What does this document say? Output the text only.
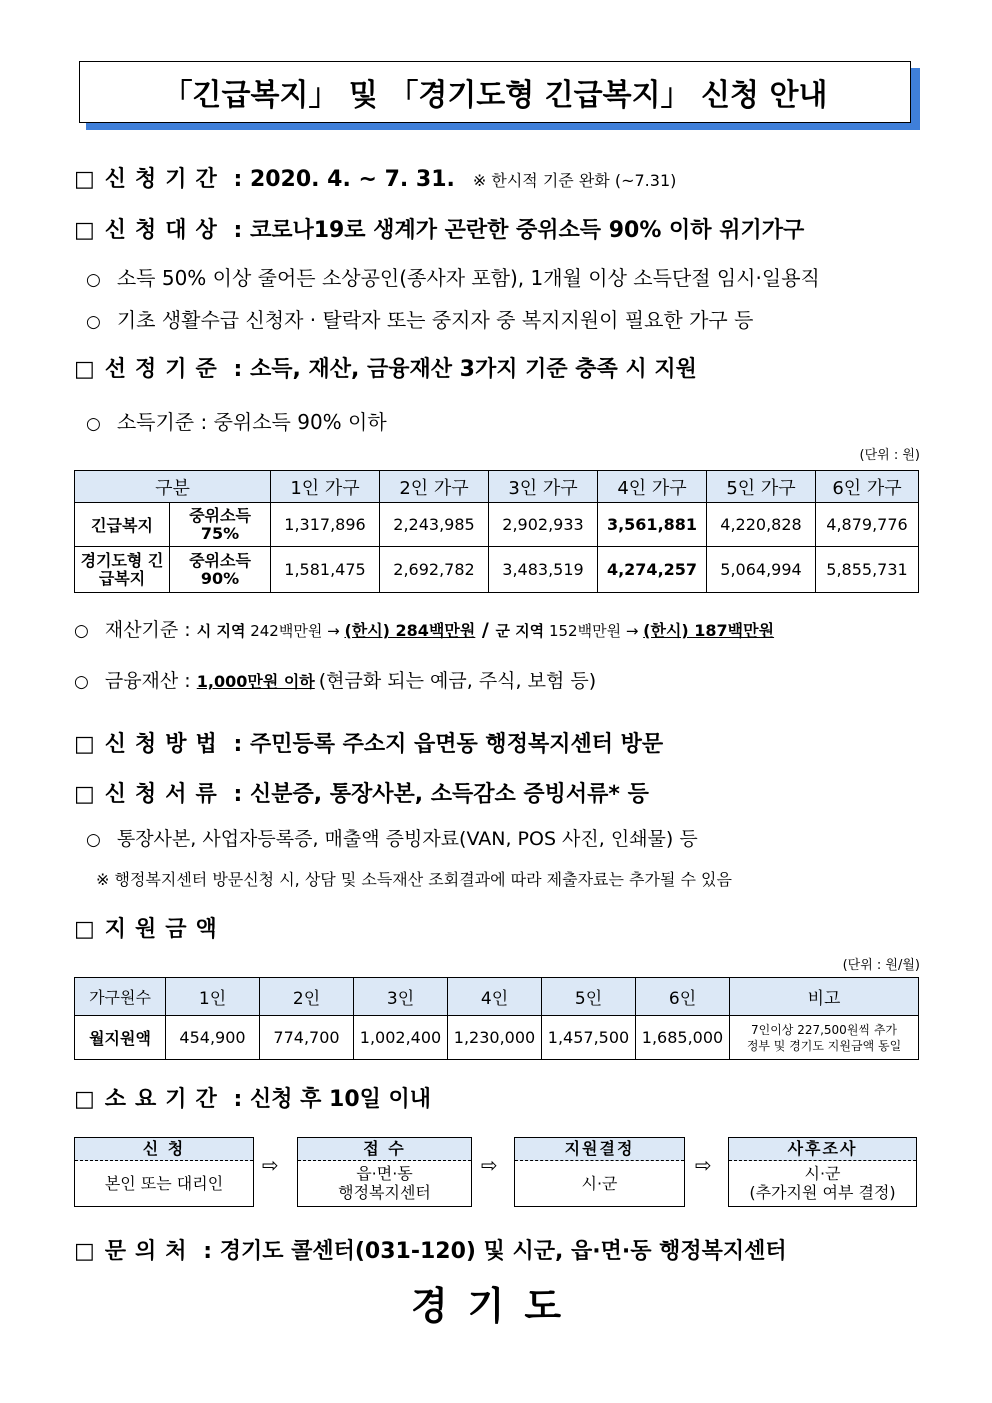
「긴급복지」 및 「경기도형 긴급복지」 신청 안내
□ 신청기간 : 2020. 4. ~ 7. 31. ※ 한시적 기준 완화 (~7.31)
□ 신청대상 : 코로나19로 생계가 곤란한 중위소득 90% 이하 위기가구
○ 소득 50% 이상 줄어든 소상공인(종사자 포함), 1개월 이상 소득단절 임시·일용직
○ 기초 생활수급 신청자 · 탈락자 또는 중지자 중 복지지원이 필요한 가구 등
□ 선정기준 : 소득, 재산, 금융재산 3가지 기준 충족 시 지원
○ 소득기준 : 중위소득 90% 이하
(단위 : 원)
구분		1인 가구	2인 가구	3인 가구	4인 가구	5인 가구	6인 가구
긴급복지	중위소득 75%	1,317,896	2,243,985	2,902,933	3,561,881	4,220,828	4,879,776
경기도형 긴급복지	중위소득 90%	1,581,475	2,692,782	3,483,519	4,274,257	5,064,994	5,855,731
○ 재산기준 : 시 지역 242백만원 → (한시) 284백만원 / 군 지역 152백만원 → (한시) 187백만원
○ 금융재산 : 1,000만원 이하 (현금화 되는 예금, 주식, 보험 등)
□ 신청방법 : 주민등록 주소지 읍면동 행정복지센터 방문
□ 신청서류 : 신분증, 통장사본, 소득감소 증빙서류* 등
○ 통장사본, 사업자등록증, 매출액 증빙자료(VAN, POS 사진, 인쇄물) 등
※ 행정복지센터 방문신청 시, 상담 및 소득재산 조회결과에 따라 제출자료는 추가될 수 있음
□ 지원금액
(단위 : 원/월)
가구원수	1인	2인	3인	4인	5인	6인	비고
월지원액	454,900	774,700	1,002,400	1,230,000	1,457,500	1,685,000	7인이상 227,500원씩 추가
정부 및 경기도 지원금액 동일
□ 소요기간 : 신청 후 10일 이내
신 청
본인 또는 대리인
⇨
접 수
읍·면·동
행정복지센터
⇨
지원결정
시·군
⇨
사후조사
시·군
(추가지원 여부 결정)
□ 문의처 : 경기도 콜센터(031-120) 및 시군, 읍·면·동 행정복지센터
경기도
